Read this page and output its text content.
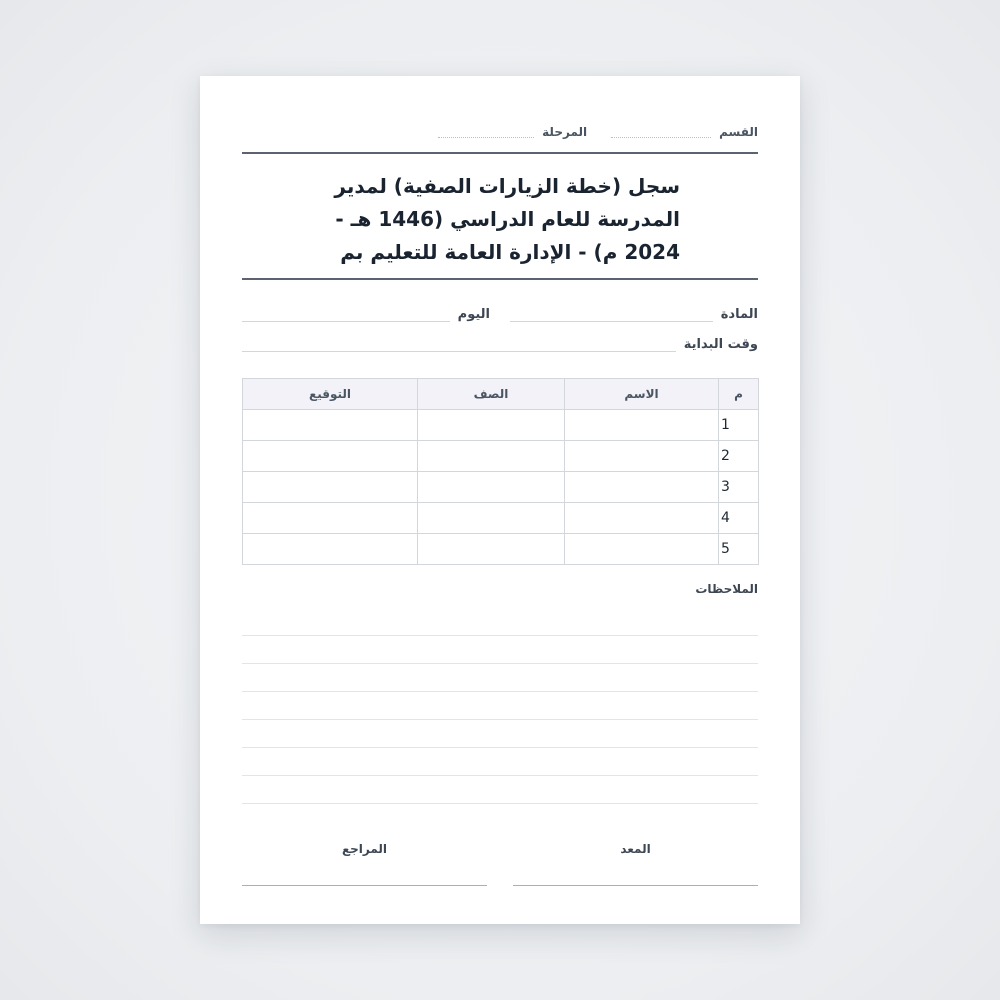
القسم
المرحلة
سجل (خطة الزيارات الصفية) لمدير المدرسة للعام الدراسي (1446 هـ - 2024 م) - الإدارة العامة للتعليم بم
المادة
اليوم
وقت البداية
م	الاسم	الصف	التوقيع
1			
2			
3			
4			
5			
الملاحظات
المعد
المراجع
